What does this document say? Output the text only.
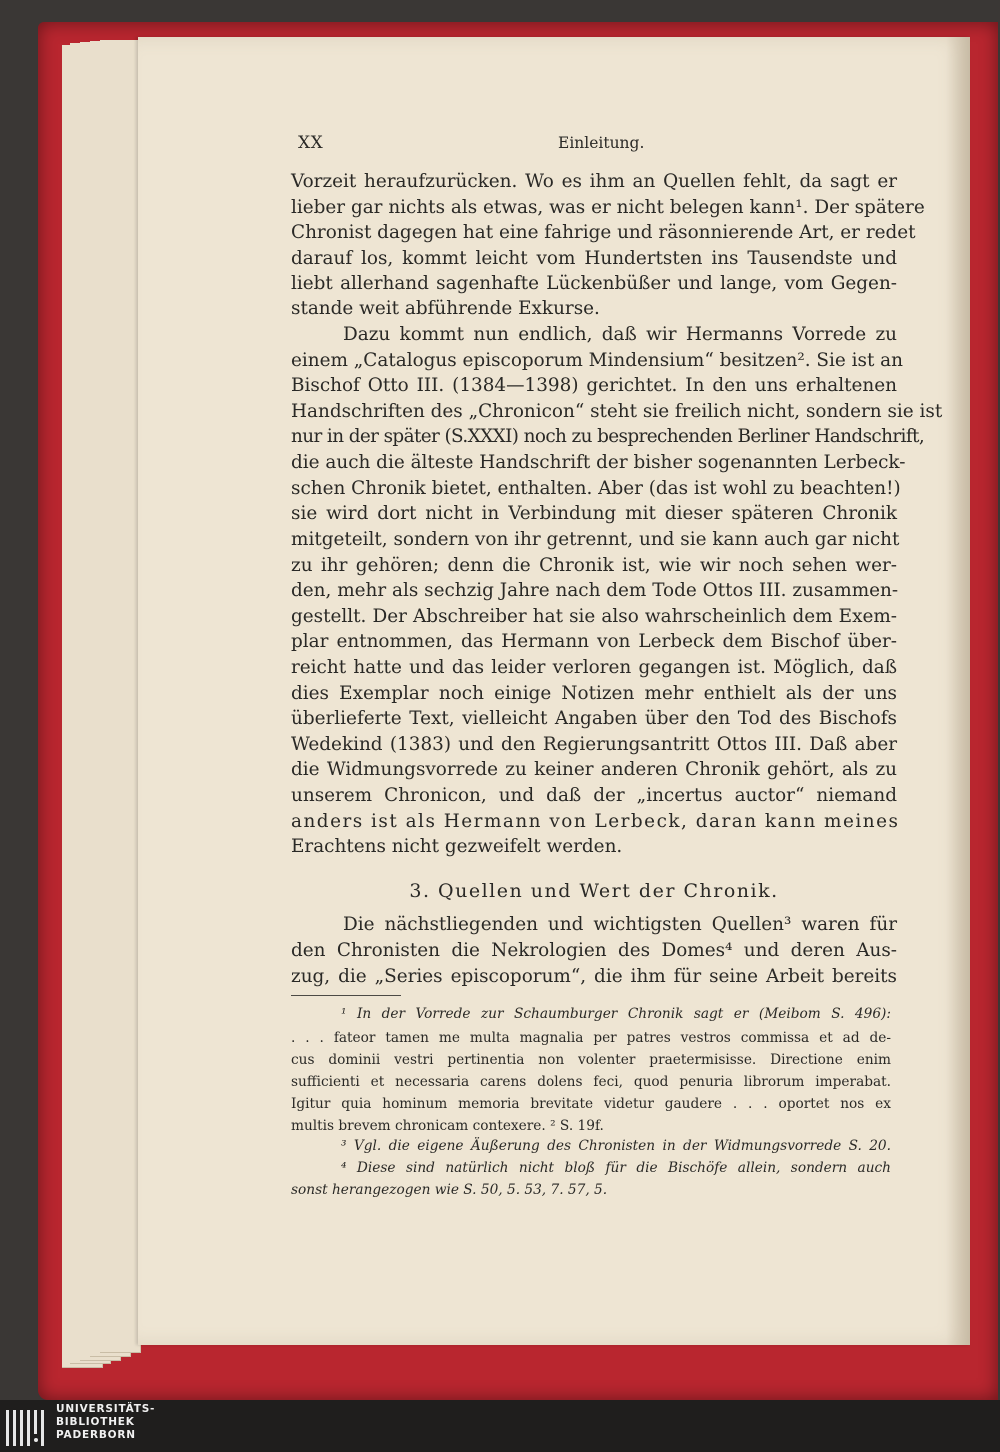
XX	Einleitung.
Vorzeit heraufzurücken. Wo es ihm an Quellen fehlt, da sagt er
lieber gar nichts als etwas, was er nicht belegen kann¹. Der spätere
Chronist dagegen hat eine fahrige und räsonnierende Art, er redet
darauf los, kommt leicht vom Hundertsten ins Tausendste und
liebt allerhand sagenhafte Lückenbüßer und lange, vom Gegen-
stande weit abführende Exkurse.
Dazu kommt nun endlich, daß wir Hermanns Vorrede zu
einem „Catalogus episcoporum Mindensium“ besitzen². Sie ist an
Bischof Otto III. (1384—1398) gerichtet. In den uns erhaltenen
Handschriften des „Chronicon“ steht sie freilich nicht, sondern sie ist
nur in der später (S.XXXI) noch zu besprechenden Berliner Handschrift,
die auch die älteste Handschrift der bisher sogenannten Lerbeck-
schen Chronik bietet, enthalten. Aber (das ist wohl zu beachten!)
sie wird dort nicht in Verbindung mit dieser späteren Chronik
mitgeteilt, sondern von ihr getrennt, und sie kann auch gar nicht
zu ihr gehören; denn die Chronik ist, wie wir noch sehen wer-
den, mehr als sechzig Jahre nach dem Tode Ottos III. zusammen-
gestellt. Der Abschreiber hat sie also wahrscheinlich dem Exem-
plar entnommen, das Hermann von Lerbeck dem Bischof über-
reicht hatte und das leider verloren gegangen ist. Möglich, daß
dies Exemplar noch einige Notizen mehr enthielt als der uns
überlieferte Text, vielleicht Angaben über den Tod des Bischofs
Wedekind (1383) und den Regierungsantritt Ottos III. Daß aber
die Widmungsvorrede zu keiner anderen Chronik gehört, als zu
unserem Chronicon, und daß der „incertus auctor“ niemand
anders ist als Hermann von Lerbeck, daran kann meines
Erachtens nicht gezweifelt werden.
3. Quellen und Wert der Chronik.
Die nächstliegenden und wichtigsten Quellen³ waren für
den Chronisten die Nekrologien des Domes⁴ und deren Aus-
zug, die „Series episcoporum“, die ihm für seine Arbeit bereits
¹ In der Vorrede zur Schaumburger Chronik sagt er (Meibom S. 496):
. . . fateor tamen me multa magnalia per patres vestros commissa et ad de-
cus dominii vestri pertinentia non volenter praetermisisse. Directione enim
sufficienti et necessaria carens dolens feci, quod penuria librorum imperabat.
Igitur quia hominum memoria brevitate videtur gaudere . . . oportet nos ex
multis brevem chronicam contexere. ² S. 19f.
³ Vgl. die eigene Äußerung des Chronisten in der Widmungsvorrede S. 20.
⁴ Diese sind natürlich nicht bloß für die Bischöfe allein, sondern auch
sonst herangezogen wie S. 50, 5. 53, 7. 57, 5.
UNIVERSITÄTS-
BIBLIOTHEK
PADERBORN
